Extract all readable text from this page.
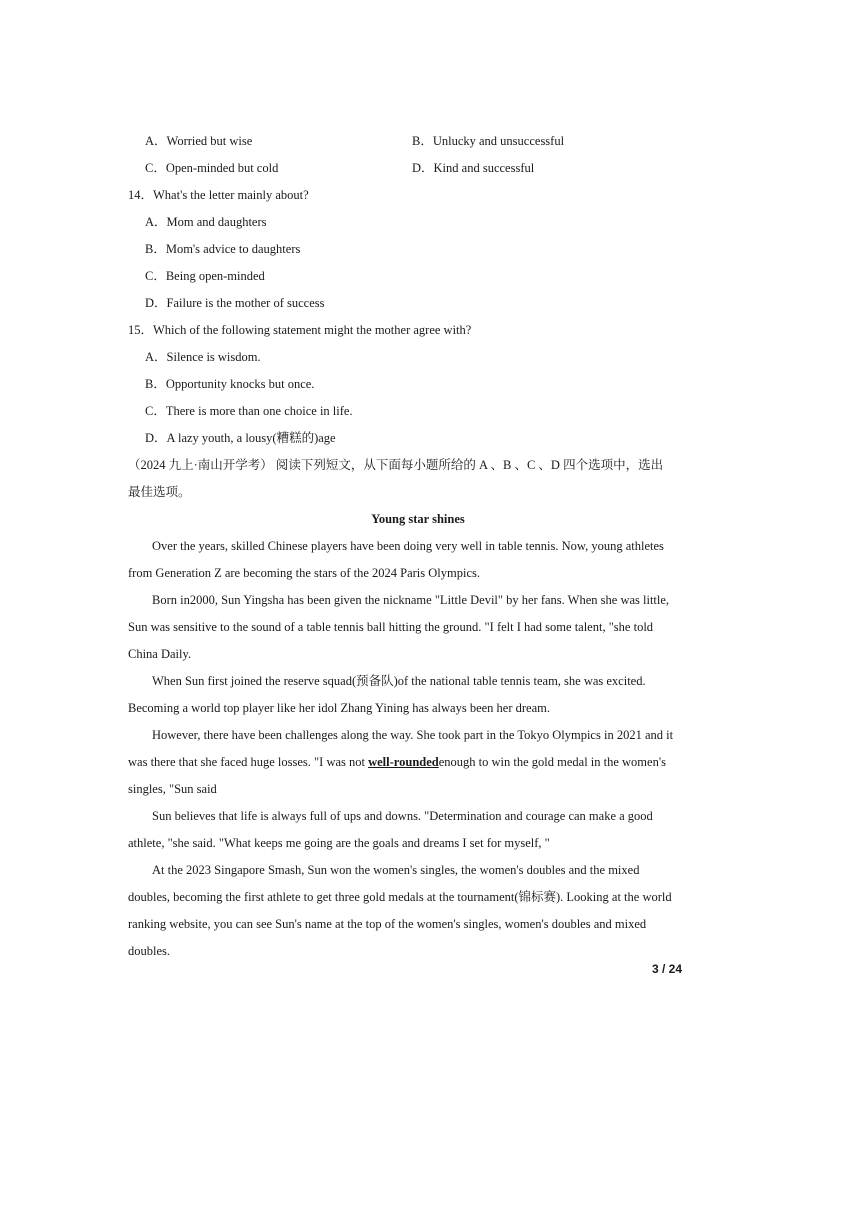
A．Worried but wise	B．Unlucky and unsuccessful
C．Open-minded but cold	D．Kind and successful
14．What's the letter mainly about?
A．Mom and daughters
B．Mom's advice to daughters
C．Being open-minded
D．Failure is the mother of success
15．Which of the following statement might the mother agree with?
A．Silence is wisdom.
B．Opportunity knocks but once.
C．There is more than one choice in life.
D．A lazy youth, a lousy(糟糕的)age
（2024 九上·南山开学考） 阅读下列短文，从下面每小题所给的 A 、B 、C 、D 四个选项中，选出
最佳选项。
Young star shines
Over the years, skilled Chinese players have been doing very well in table tennis. Now, young athletes
from Generation Z are becoming the stars of the 2024 Paris Olympics.
Born in2000, Sun Yingsha has been given the nickname "Little Devil" by her fans. When she was little,
Sun was sensitive to the sound of a table tennis ball hitting the ground. "I felt I had some talent, "she told
China Daily.
When Sun first joined the reserve squad(预备队)of the national table tennis team, she was excited.
Becoming a world top player like her idol Zhang Yining has always been her dream.
However, there have been challenges along the way. She took part in the Tokyo Olympics in 2021 and it
was there that she faced huge losses. "I was not well-roundedenough to win the gold medal in the women's
singles, "Sun said
Sun believes that life is always full of ups and downs. "Determination and courage can make a good
athlete, "she said. "What keeps me going are the goals and dreams I set for myself, "
At the 2023 Singapore Smash, Sun won the women's singles, the women's doubles and the mixed
doubles, becoming the first athlete to get three gold medals at the tournament(锦标赛). Looking at the world
ranking website, you can see Sun's name at the top of the women's singles, women's doubles and mixed
doubles.
3 / 24
